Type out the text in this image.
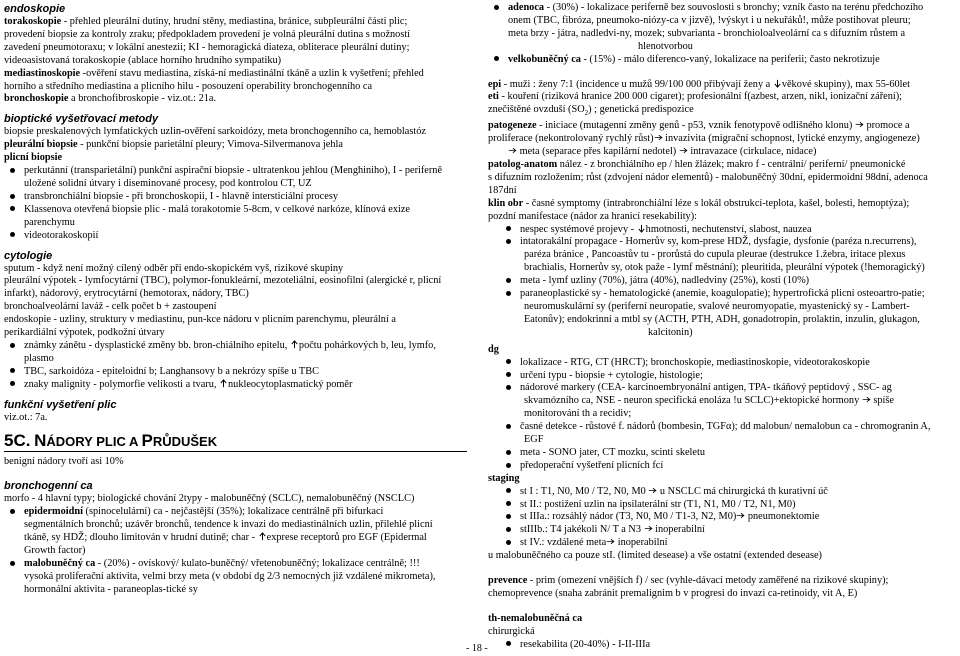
endoskopie
torakoskopie - přehled pleurální dutiny, hrudní stěny, mediastina, bránice, subpleurální části plic;
provedení biopsie za kontroly zraku; předpokladem provedení je volná pleurální dutina s možností
zavedení pneumotoraxu; v lokální anestezii; KI - hemoragická diateza, obliterace pleurální dutiny;
videoasistovaná torakoskopie (ablace horního hrudního sympatiku)
mediastinoskopie -ověření stavu mediastina, získá-ní mediastinální tkáně a uzlin k vyšetření; přehled
horního a středního mediastina a plicního hilu - posouzení operability bronchogenního ca
bronchoskopie a bronchofibroskopie - viz.ot.: 21a.
bioptické vyšetřovací metody
biopsie preskalenových lymfatických uzlin-ověření sarkoidózy, meta bronchogenního ca, hemoblastóz
pleurální biopsie - punkční biopsie parietální pleury; Vimova-Silvermanova jehla
plicní biopsie
perkutánní (transparietální) punkční aspirační biopsie - ultratenkou jehlou (Menghiniho), I - periferně
uložené solidní útvary i diseminované procesy, pod kontrolou CT, UZ
transbronchiální biopsie - při bronchoskopii, I - hlavně intersticiální procesy
Klassenova otevřená biopsie plic - malá torakotomie 5-8cm, v celkové narkóze, klínová exize
parenchymu
videotorakoskopií
cytologie
sputum - když není možný cílený odběr při endo-skopickém vyš, rizikové skupiny
pleurální výpotek - lymfocytární (TBC), polymor-fonukleární, mezoteliální, eosinofilní (alergické r, plicní
infarkt), nádorový, erytrocytární (hemotorax, nádory, TBC)
bronchoalveolární laváž - celk počet b + zastoupení
endoskopie - uzliny, struktury v mediastinu, pun-kce nádoru v plicním parenchymu, pleurální a
perikardiální výpotek, podkožní útvary
známky zánětu - dysplastické změny bb. bron-chiálního epitelu, počtu pohárkových b, leu, lymfo,
plasmo
TBC, sarkoidóza - epiteloidní b; Langhansovy b a nekrózy spíše u TBC
znaky malignity - polymorfie velikosti a tvaru, nukleocytoplasmatický poměr
funkční vyšetření plic
viz.ot.: 7a.
5C. NÁDORY PLIC A PRŮDUŠEK
benigní nádory tvoří asi 10%
bronchogenní ca
morfo - 4 hlavní typy; biologické chování 2typy - malobuněčný (SCLC), nemalobuněčný (NSCLC)
epidermoidní (spinocelulární) ca - nejčastější (35%); lokalizace centrálně při bifurkaci
segmentálních bronchů; uzávěr bronchů, tendence k invazi do mediastinálních uzlin, přilehlé plicní
tkáně, sy HDŽ; dlouho limitován v hrudní dutině; char - exprese receptorů pro EGF (Epidermal
Growth factor)
malobuněčný ca - (20%) - ovískový/ kulato-buněčný/ vřetenobuněčný; lokalizace centrálně; !!!
vysoká proliferační aktivita, velmi brzy meta (v období dg 2/3 nemocných již vzdálené mikrometa),
hormonální aktivita - paraneoplas-tické sy
adenoca - (30%) - lokalizace periferně bez souvoslosti s bronchy; vzník často na terénu předchozího
onem (TBC, fibróza, pneumoko-niózy-ca v jizvě), !výskyt i u nekuřáků!, může postihovat pleuru;
meta brzy - játra, nadledvi-ny, mozek; subvarianta - bronchioloalveolární ca s difuzním růstem a
hlenotvorbou
velkobuněčný ca - (15%) - málo diferenco-vaný, lokalizace na periferii; často nekrotizuje
epi - muži : ženy 7:1 (incidence u mužů 99/100 000 přibývají ženy a věkové skupiny), max 55-60let
eti - kouření (riziková hranice 200 000 cigaret); profesionální f(azbest, arzen, nikl, ionizační záření);
znečištěné ovzduší $(SO_2)$ ; genetická predispozice
patogeneze - iniciace (mutagenní změny genů - p53, vznik fenotypově odlišného klonu)  promoce a
proliferace (nekontrolovaný rychlý růst) invazivita (migrační schopnost, lytické enzymy, angiogeneze)
meta (separace přes kapilární nedotel)  intravazace (cirkulace, nidace)
patolog-anatom nález - z bronchiálního ep / hlen žlázek; makro f - centrální/ periferní/ pneumonické
s difuzním rozložením; růst (zdvojení nádor elementů) - malobuněčný 30dní, epidermoidní 98dní, adenoca
187dní
klin obr - časné symptomy (intrabronchiální léze s lokál obstrukcí-teplota, kašel, bolesti, hemoptýza);
pozdní manifestace (nádor za hranicí resekability):
nespec systémové projevy - hmotnosti, nechutenství, slabost, nauzea
intatorakální propagace - Hornerův sy, kom-prese HDŽ, dysfagie, dysfonie (paréza n.recurrens),
paréza bránice , Pancoastův tu - prorůstá do cupula pleurae (destrukce 1.žebra, iritace plexus
brachialis, Hornerův sy, otok paže - lymf městnání); pleuritida, pleurální výpotek (!hemoragický)
meta - lymf uzliny (70%), játra (40%), nadledviny (25%), kosti (10%)
paraneoplastické sy - hematologické (anemie, koagulopatie); hypertrofická plicní osteoartro-patie;
neuromuskulární sy (periferní neuropatie, svalové neuromyopatie, myastenický sy - Lambert-
Eatonův); endokrinní a mtbl sy (ACTH, PTH, ADH, gonadotropin, prolaktin, inzulin, glukagon,
kalcitonin)
dg
lokalizace - RTG, CT (HRCT); bronchoskopie, mediastinoskopie, videotorakoskopie
určení typu - biopsie + cytologie, histologie;
nádorové markery (CEA- karcinoembryonální antigen, TPA- tkáňový peptidový , SSC- ag
skvamózního ca, NSE - neuron specifická enoláza !u SCLC)+ektopické hormony  spíše
monitorování th a recidiv;
časné detekce - růstové f. nádorů (bombesin, TGFα); dd malobun/ nemalobun ca - chromogranin A,
EGF
meta - SONO jater, CT mozku, scinti skeletu
předoperační vyšetření plicních fcí
staging
st I : T1, N0, M0 / T2, N0, M0  u NSCLC má chirurgická th kurativní úč
st II.: postižení uzlin na ipsilaterální str (T1, N1, M0 / T2, N1, M0)
st IIIa.: rozsáhlý nádor (T3, N0, M0 / T1-3, N2, M0) pneumonektomie
stIIIb.: T4 jakékoli N/ T a N3  inoperabilní
st IV.: vzdálené meta inoperabilní
u malobuněčného ca pouze stI. (limited desease) a vše ostatní (extended desease)
prevence - prim (omezení vnějších f) / sec (vyhle-dávací metody zaměřené na rizikové skupiny);
chemoprevence (snaha zabránit premalignim b v progresi do invazi ca-retinoidy, vit A, E)
th-nemalobuněčná ca
chirurgická
resekabilita (20-40%) - I-II-IIIa
- 18 -
